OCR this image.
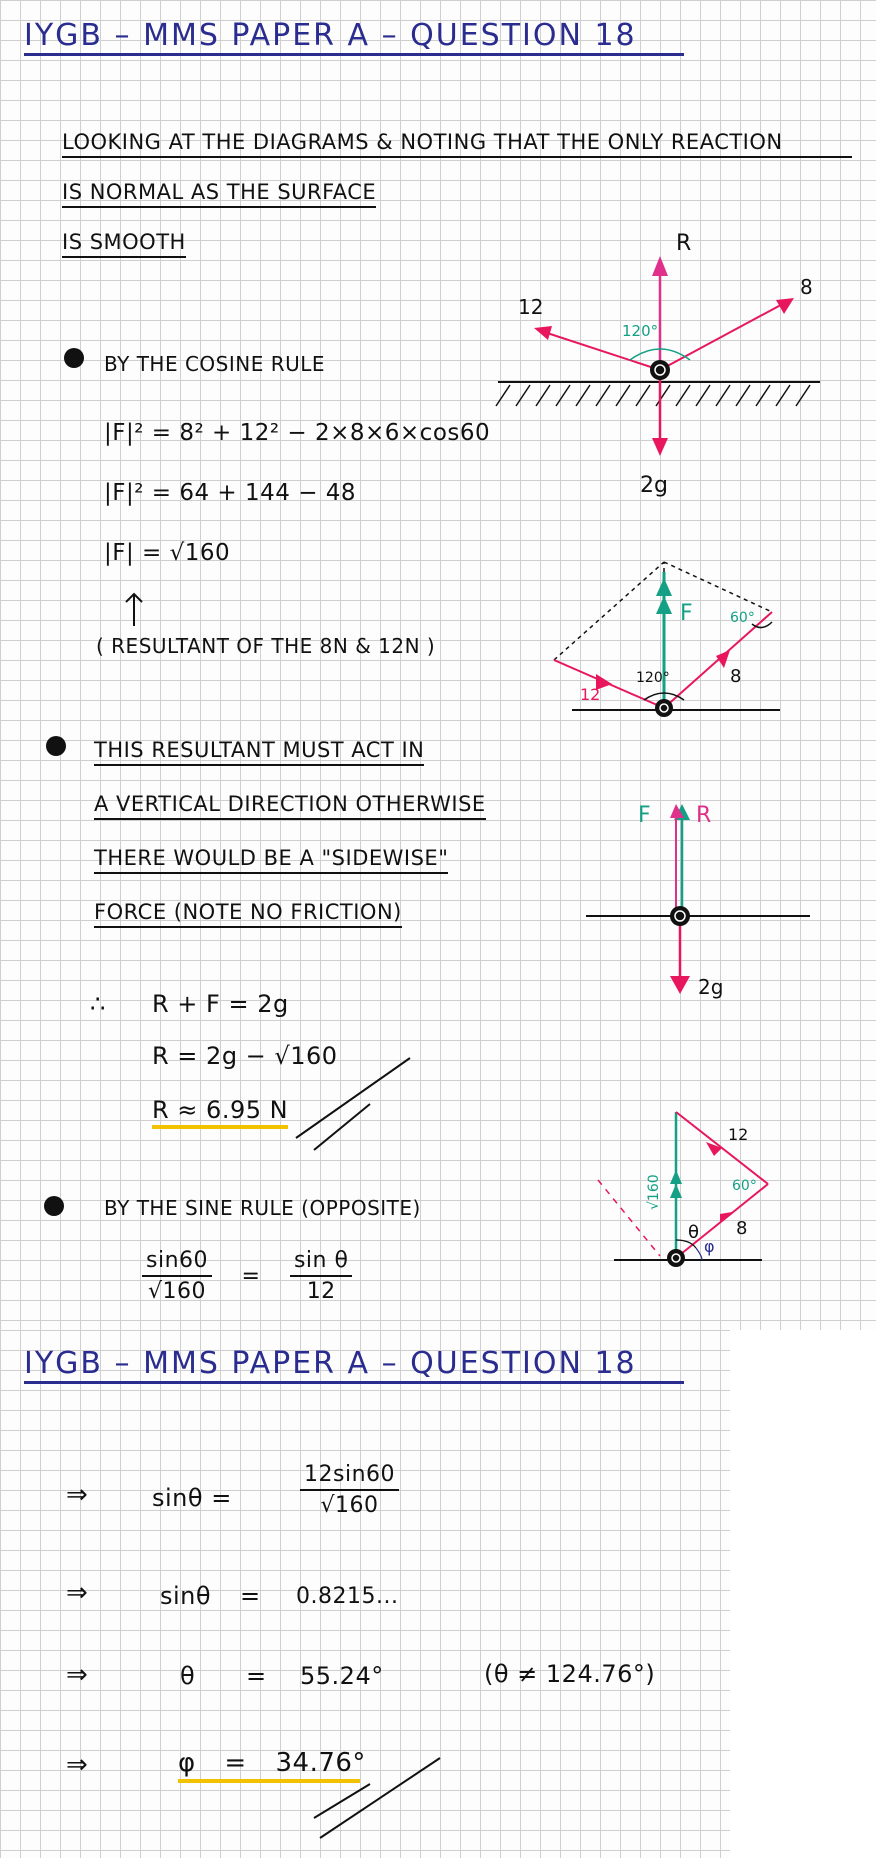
IYGB – MMS PAPER A – QUESTION 18
LOOKING AT THE DIAGRAMS & NOTING THAT THE ONLY REACTION
IS NORMAL AS THE SURFACE
IS SMOOTH
BY THE COSINE RULE
|F|² = 8² + 12² − 2×8×6×cos60
|F|² = 64 + 144 − 48
|F| = √160
( RESULTANT OF THE 8N & 12N )
THIS RESULTANT MUST ACT IN
A VERTICAL DIRECTION OTHERWISE
THERE WOULD BE A "SIDEWISE"
FORCE (NOTE NO FRICTION)
∴ R + F = 2g
R = 2g − √160
R ≈ 6.95 N
BY THE SINE RULE (OPPOSITE)
$\frac{\sin 60}{√160} = \frac{\text{sin θ}}{12}$
R
8
12
2g
120°
F	60°
120°
12
8
F R
2g
√160
12
60°
8
θ
φ
IYGB – MMS PAPER A – QUESTION 18
⇒	sinθ =	$\frac{12\sin 60}{√160}$
⇒	sinθ = 0.8215...
⇒	θ = 55.24°	(θ ≠ 124.76°)
⇒	φ = 34.76°
